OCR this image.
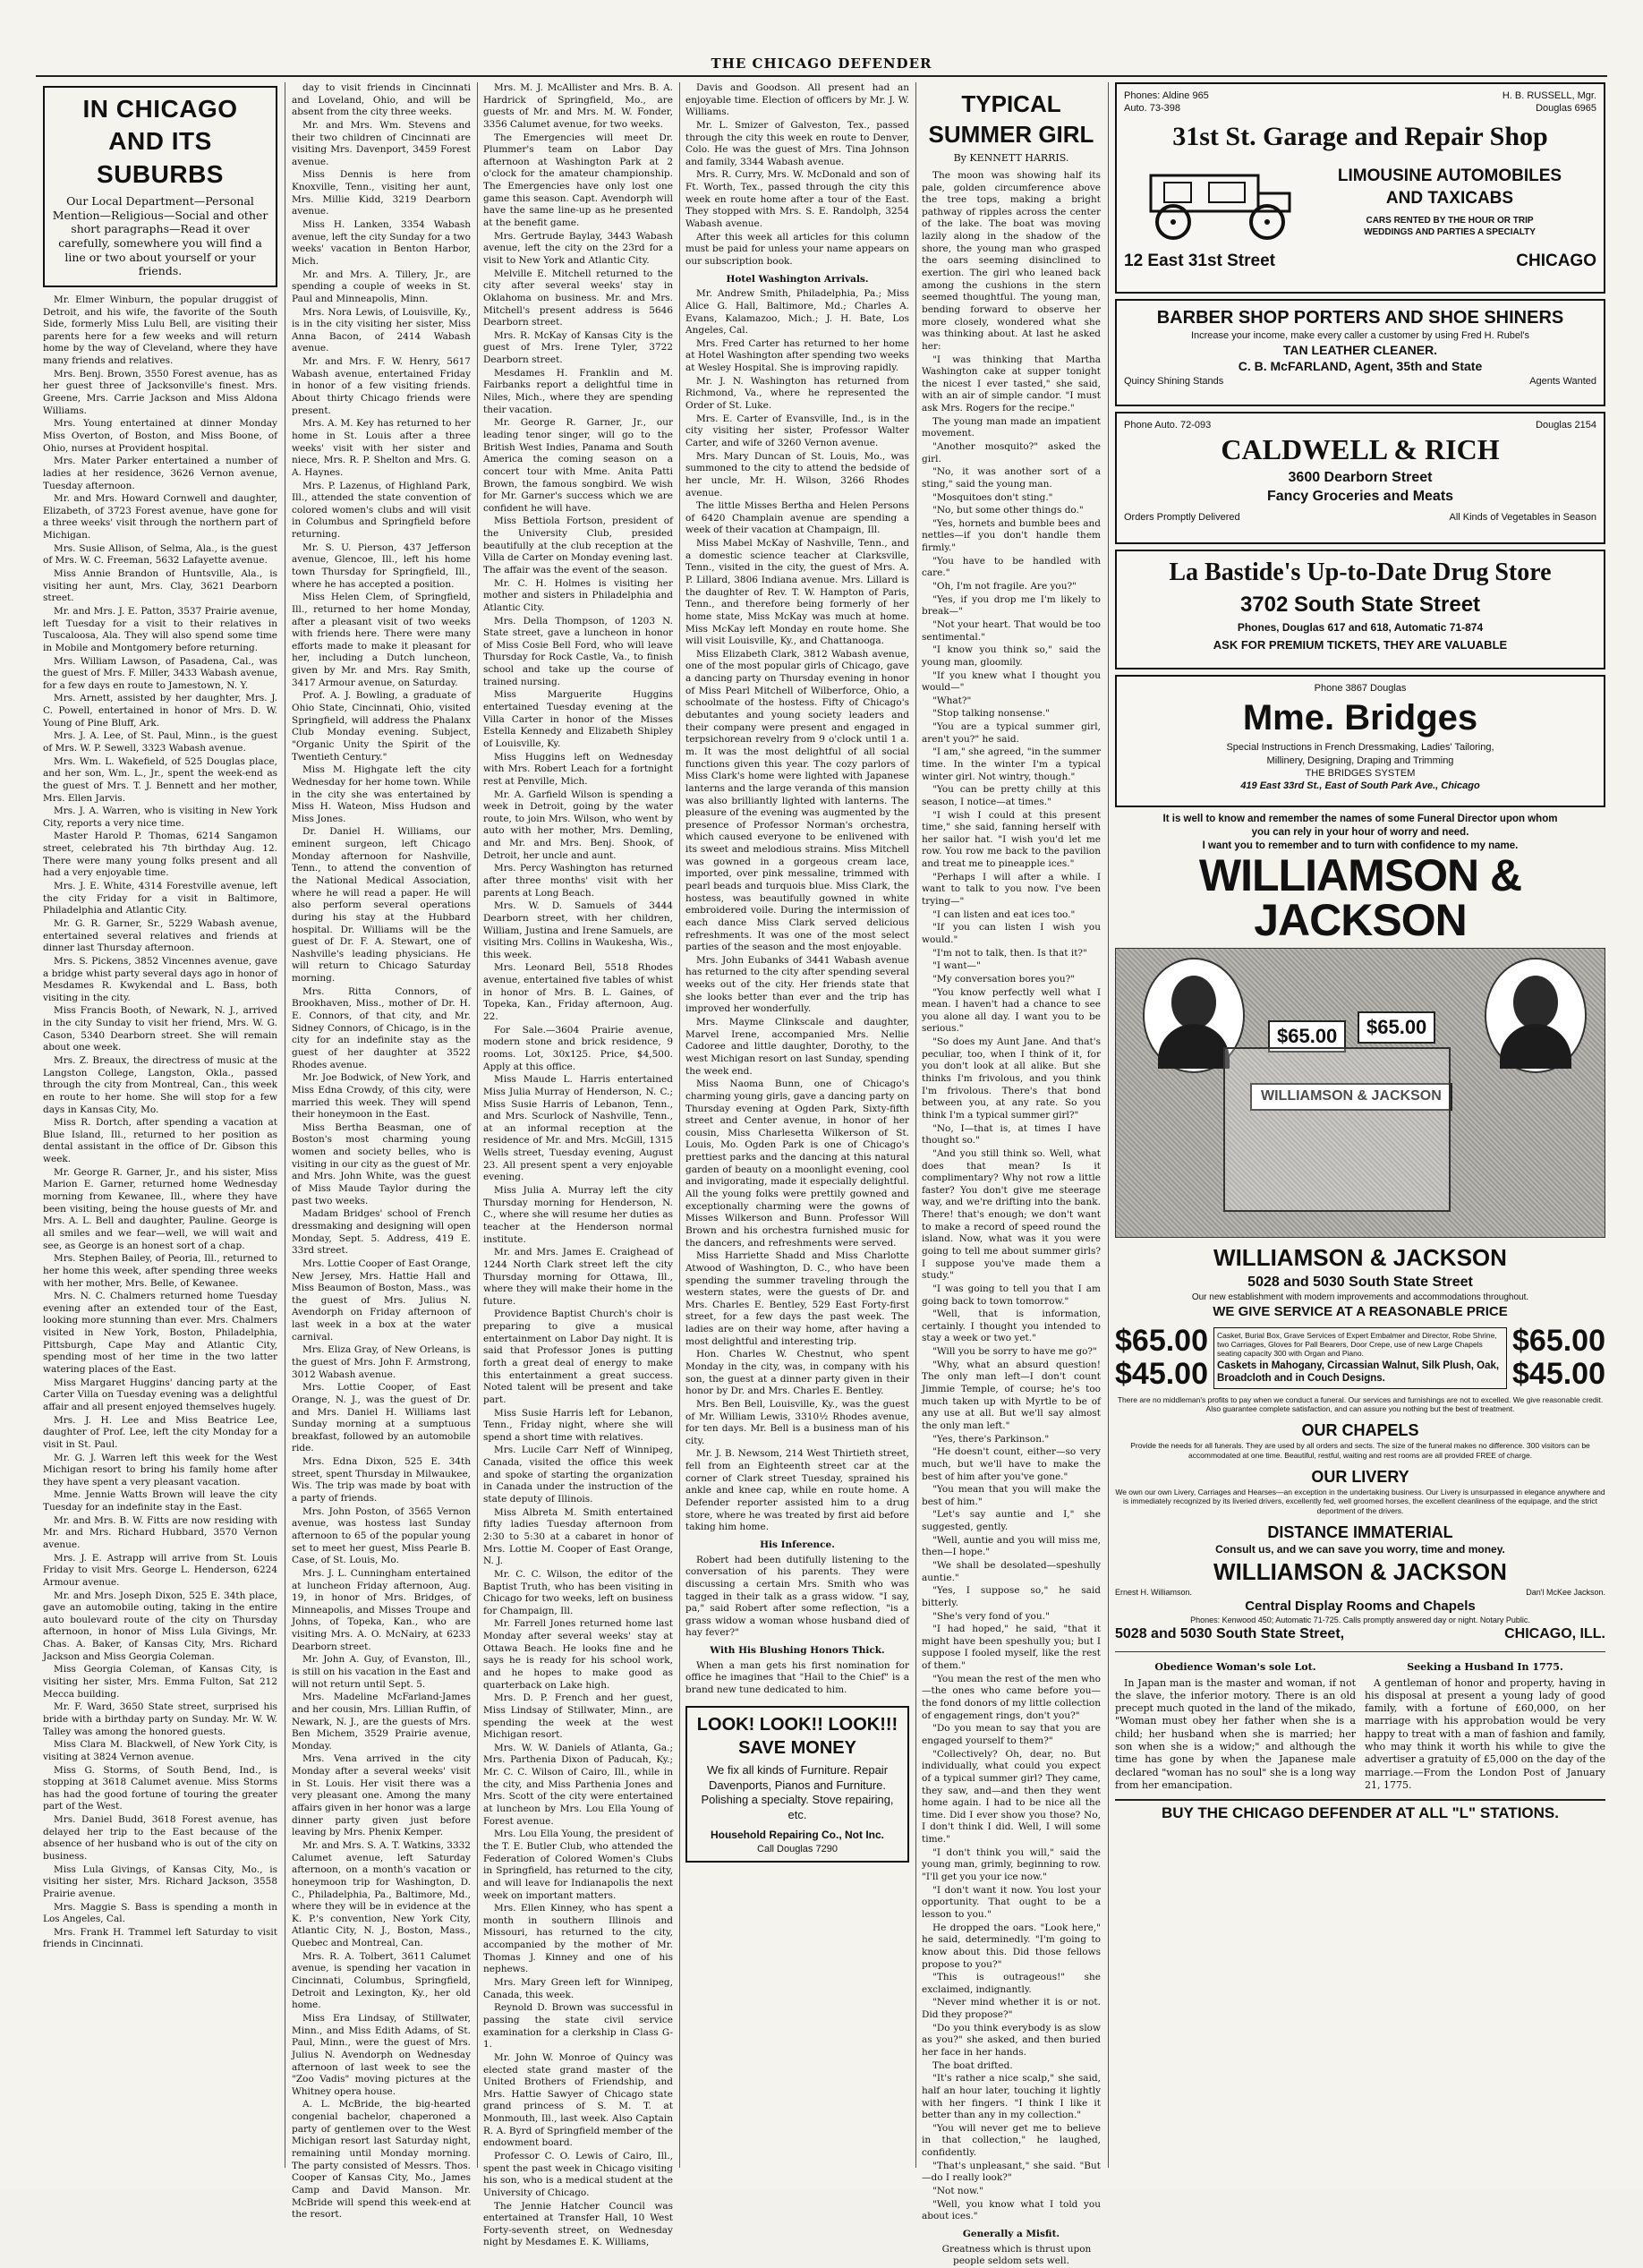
THE CHICAGO DEFENDER
IN CHICAGO AND ITS SUBURBS
Our Local Department—Personal Mention—Religious—Social and other short paragraphs—Read it over carefully, somewhere you will find a line or two about yourself or your friends.

Mr. Elmer Winburn, the popular druggist of Detroit, and his wife, the favorite of the South Side, formerly Miss Lulu Bell, are visiting their parents here for a few weeks and will return home by the way of Cleveland, where they have many friends and relatives.

Mrs. Benj. Brown, 3550 Forest avenue, has as her guest three of Jacksonville's finest. Mrs. Greene, Mrs. Carrie Jackson and Miss Aldona Williams.

Mrs. Young entertained at dinner Monday Miss Overton, of Boston, and Miss Boone, of Ohio, nurses at Provident hospital.

Mrs. Mater Parker entertained a number of ladies at her residence, 3626 Vernon avenue, Tuesday afternoon.

Mr. and Mrs. Howard Cornwell and daughter, Elizabeth, of 3723 Forest avenue, have gone for a three weeks' visit through the northern part of Michigan.

Mrs. Susie Allison, of Selma, Ala., is the guest of Mrs. W. C. Freeman, 5632 Lafayette avenue.

Miss Annie Brandon of Huntsville, Ala., is visiting her aunt, Mrs. Clay, 3621 Dearborn street.

Mr. and Mrs. J. E. Patton, 3537 Prairie avenue, left Tuesday for a visit to their relatives in Tuscaloosa, Ala. They will also spend some time in Mobile and Montgomery before returning.

Mrs. William Lawson, of Pasadena, Cal., was the guest of Mrs. F. Miller, 3433 Wabash avenue, for a few days en route to Jamestown, N. Y.

Mrs. Arnett, assisted by her daughter, Mrs. J. C. Powell, entertained in honor of Mrs. D. W. Young of Pine Bluff, Ark.

Mrs. J. A. Lee, of St. Paul, Minn., is the guest of Mrs. W. P. Sewell, 3323 Wabash avenue.

Mrs. Wm. L. Wakefield, of 525 Douglas place, and her son, Wm. L., Jr., spent the week-end as the guest of Mrs. T. J. Bennett and her mother, Mrs. Ellen Jarvis.

Mrs. J. A. Warren, who is visiting in New York City, reports a very nice time.

Master Harold P. Thomas, 6214 Sangamon street, celebrated his 7th birthday Aug. 12. There were many young folks present and all had a very enjoyable time.

Mrs. J. E. White, 4314 Forestville avenue, left the city Friday for a visit in Baltimore, Philadelphia and Atlantic City.

Mr. G. R. Garner, Sr., 5229 Wabash avenue, entertained several relatives and friends at dinner last Thursday afternoon.

Mrs. S. Pickens, 3852 Vincennes avenue, gave a bridge whist party several days ago in honor of Mesdames R. Kwykendal and L. Bass, both visiting in the city.

Miss Francis Booth, of Newark, N. J., arrived in the city Sunday to visit her friend, Mrs. W. G. Cason, 5340 Dearborn street. She will remain about one week.

Mrs. Z. Breaux, the directress of music at the Langston College, Langston, Okla., passed through the city from Montreal, Can., this week en route to her home. She will stop for a few days in Kansas City, Mo.

Miss R. Dortch, after spending a vacation at Blue Island, Ill., returned to her position as dental assistant in the office of Dr. Gibson this week.

Mr. George R. Garner, Jr., and his sister, Miss Marion E. Garner, returned home Wednesday morning from Kewanee, Ill., where they have been visiting, being the house guests of Mr. and Mrs. A. L. Bell and daughter, Pauline. George is all smiles and we fear—well, we will wait and see, as George is an honest sort of a chap.

Mrs. Stephen Bailey, of Peoria, Ill., returned to her home this week, after spending three weeks with her mother, Mrs. Belle, of Kewanee.

Mrs. N. C. Chalmers returned home Tuesday evening after an extended tour of the East, looking more stunning than ever. Mrs. Chalmers visited in New York, Boston, Philadelphia, Pittsburgh, Cape May and Atlantic City, spending most of her time in the two latter watering places of the East.

Miss Margaret Huggins' dancing party at the Carter Villa on Tuesday evening was a delightful affair and all present enjoyed themselves hugely.

Mrs. J. H. Lee and Miss Beatrice Lee, daughter of Prof. Lee, left the city Monday for a visit in St. Paul.

Mr. G. J. Warren left this week for the West Michigan resort to bring his family home after they have spent a very pleasant vacation.

Mme. Jennie Watts Brown will leave the city Tuesday for an indefinite stay in the East.

Mr. and Mrs. B. W. Fitts are now residing with Mr. and Mrs. Richard Hubbard, 3570 Vernon avenue.

Mrs. J. E. Astrapp will arrive from St. Louis Friday to visit Mrs. George L. Henderson, 6224 Armour avenue.

Mr. and Mrs. Joseph Dixon, 525 E. 34th place, gave an automobile outing, taking in the entire auto boulevard route of the city on Thursday afternoon, in honor of Miss Lula Givings, Mr. Chas. A. Baker, of Kansas City, Mrs. Richard Jackson and Miss Georgia Coleman.

Miss Georgia Coleman, of Kansas City, is visiting her sister, Mrs. Emma Fulton, Sat 212 Mecca building.

Mr. F. Ward, 3650 State street, surprised his bride with a birthday party on Sunday. Mr. W. W. Talley was among the honored guests.

Miss Clara M. Blackwell, of New York City, is visiting at 3824 Vernon avenue.

Miss G. Storms, of South Bend, Ind., is stopping at 3618 Calumet avenue. Miss Storms has had the good fortune of touring the greater part of the West.

Mrs. Daniel Budd, 3618 Forest avenue, has delayed her trip to the East because of the absence of her husband who is out of the city on business.

Miss Lula Givings, of Kansas City, Mo., is visiting her sister, Mrs. Richard Jackson, 3558 Prairie avenue.

Mrs. Maggie S. Bass is spending a month in Los Angeles, Cal.

Mrs. Frank H. Trammel left Saturday to visit friends in Cincinnati.

day to visit friends in Cincinnati and Loveland, Ohio, and will be absent from the city three weeks.

Mr. and Mrs. Wm. Stevens and their two children of Cincinnati are visiting Mrs. Davenport, 3459 Forest avenue.

Miss Dennis is here from Knoxville, Tenn., visiting her aunt, Mrs. Millie Kidd, 3219 Dearborn avenue.

Miss H. Lanken, 3354 Wabash avenue, left the city Sunday for a two weeks' vacation in Benton Harbor, Mich.

Mr. and Mrs. A. Tillery, Jr., are spending a couple of weeks in St. Paul and Minneapolis, Minn.

Mrs. Nora Lewis, of Louisville, Ky., is in the city visiting her sister, Miss Anna Bacon, of 2414 Wabash avenue.

Mr. and Mrs. F. W. Henry, 5617 Wabash avenue, entertained Friday in honor of a few visiting friends. About thirty Chicago friends were present.

Mrs. A. M. Key has returned to her home in St. Louis after a three weeks' visit with her sister and niece, Mrs. R. P. Shelton and Mrs. G. A. Haynes.

Mrs. P. Lazenus, of Highland Park, Ill., attended the state convention of colored women's clubs and will visit in Columbus and Springfield before returning.

Mr. S. U. Pierson, 437 Jefferson avenue, Glencoe, Ill., left his home town Thursday for Springfield, Ill., where he has accepted a position.

Miss Helen Clem, of Springfield, Ill., returned to her home Monday, after a pleasant visit of two weeks with friends here. There were many efforts made to make it pleasant for her, including a Dutch luncheon, given by Mr. and Mrs. Ray Smith, 3417 Armour avenue, on Saturday.

Prof. A. J. Bowling, a graduate of Ohio State, Cincinnati, Ohio, visited Springfield, will address the Phalanx Club Monday evening. Subject, "Organic Unity the Spirit of the Twentieth Century."

Miss M. Highgate left the city Wednesday for her home town. While in the city she was entertained by Miss H. Wateon, Miss Hudson and Miss Jones.

Dr. Daniel H. Williams, our eminent surgeon, left Chicago Monday afternoon for Nashville, Tenn., to attend the convention of the National Medical Association, where he will read a paper. He will also perform several operations during his stay at the Hubbard hospital. Dr. Williams will be the guest of Dr. F. A. Stewart, one of Nashville's leading physicians. He will return to Chicago Saturday morning.

Mrs. Ritta Connors, of Brookhaven, Miss., mother of Dr. H. E. Connors, of that city, and Mr. Sidney Connors, of Chicago, is in the city for an indefinite stay as the guest of her daughter at 3522 Rhodes avenue.

Mr. Joe Bodwick, of New York, and Miss Edna Crowdy, of this city, were married this week. They will spend their honeymoon in the East.

Miss Bertha Beasman, one of Boston's most charming young women and society belles, who is visiting in our city as the guest of Mr. and Mrs. John White, was the guest of Miss Maude Taylor during the past two weeks.

Madam Bridges' school of French dressmaking and designing will open Monday, Sept. 5. Address, 419 E. 33rd street.

Mrs. Lottie Cooper of East Orange, New Jersey, Mrs. Hattie Hall and Miss Beaumon of Boston, Mass., was the guest of Mrs. Julius N. Avendorph on Friday afternoon of last week in a box at the water carnival.

Mrs. Eliza Gray, of New Orleans, is the guest of Mrs. John F. Armstrong, 3012 Wabash avenue.

Mrs. Lottie Cooper, of East Orange, N. J., was the guest of Dr. and Mrs. Daniel H. Williams last Sunday morning at a sumptuous breakfast, followed by an automobile ride.

Mrs. Edna Dixon, 525 E. 34th street, spent Thursday in Milwaukee, Wis. The trip was made by boat with a party of friends.

Mrs. John Poston, of 3565 Vernon avenue, was hostess last Sunday afternoon to 65 of the popular young set to meet her guest, Miss Pearle B. Case, of St. Louis, Mo.

Mrs. J. L. Cunningham entertained at luncheon Friday afternoon, Aug. 19, in honor of Mrs. Bridges, of Minneapolis, and Misses Troupe and Johns, of Topeka, Kan., who are visiting Mrs. A. O. McNairy, at 6233 Dearborn street.

Mr. John A. Guy, of Evanston, Ill., is still on his vacation in the East and will not return until Sept. 5.

Mrs. Madeline McFarland-James and her cousin, Mrs. Lillian Ruffin, of Newark, N. J., are the guests of Mrs. Ben Michem, 3529 Prairie avenue, Monday.

Mrs. Vena arrived in the city Monday after a several weeks' visit in St. Louis. Her visit there was a very pleasant one. Among the many affairs given in her honor was a large dinner party given just before leaving by Mrs. Phenix Kemper.

Mr. and Mrs. S. A. T. Watkins, 3332 Calumet avenue, left Saturday afternoon, on a month's vacation or honeymoon trip for Washington, D. C., Philadelphia, Pa., Baltimore, Md., where they will be in evidence at the K. P.'s convention, New York City, Atlantic City, N. J., Boston, Mass., Quebec and Montreal, Can.

Mrs. R. A. Tolbert, 3611 Calumet avenue, is spending her vacation in Cincinnati, Columbus, Springfield, Detroit and Lexington, Ky., her old home.

Miss Era Lindsay, of Stillwater, Minn., and Miss Edith Adams, of St. Paul, Minn., were the guest of Mrs. Julius N. Avendorph on Wednesday afternoon of last week to see the "Zoo Vadis" moving pictures at the Whitney opera house.

A. L. McBride, the big-hearted congenial bachelor, chaperoned a party of gentlemen over to the West Michigan resort last Saturday night, remaining until Monday morning. The party consisted of Messrs. Thos. Cooper of Kansas City, Mo., James Camp and David Manson. Mr. McBride will spend this week-end at the resort.

Mrs. M. J. McAllister and Mrs. B. A. Hardrick of Springfield, Mo., are guests of Mr. and Mrs. M. W. Fonder, 3356 Calumet avenue, for two weeks.

The Emergencies will meet Dr. Plummer's team on Labor Day afternoon at Washington Park at 2 o'clock for the amateur championship. The Emergencies have only lost one game this season. Capt. Avendorph will have the same line-up as he presented at the benefit game.

Mrs. Gertrude Baylay, 3443 Wabash avenue, left the city on the 23rd for a visit to New York and Atlantic City.

Melville E. Mitchell returned to the city after several weeks' stay in Oklahoma on business. Mr. and Mrs. Mitchell's present address is 5646 Dearborn street.

Mrs. R. McKay of Kansas City is the guest of Mrs. Irene Tyler, 3722 Dearborn street.

Mesdames H. Franklin and M. Fairbanks report a delightful time in Niles, Mich., where they are spending their vacation.

Mr. George R. Garner, Jr., our leading tenor singer, will go to the British West Indies, Panama and South America the coming season on a concert tour with Mme. Anita Patti Brown, the famous songbird. We wish for Mr. Garner's success which we are confident he will have.

Miss Bettiola Fortson, president of the University Club, presided beautifully at the club reception at the Villa de Carter on Monday evening last. The affair was the event of the season.

Mr. C. H. Holmes is visiting her mother and sisters in Philadelphia and Atlantic City.

Mrs. Della Thompson, of 1203 N. State street, gave a luncheon in honor of Miss Cosie Bell Ford, who will leave Thursday for Rock Castle, Va., to finish school and take up the course of trained nursing.

Miss Marguerite Huggins entertained Tuesday evening at the Villa Carter in honor of the Misses Estella Kennedy and Elizabeth Shipley of Louisville, Ky.

Miss Huggins left on Wednesday with Mrs. Robert Leach for a fortnight rest at Penville, Mich.

Mr. A. Garfield Wilson is spending a week in Detroit, going by the water route, to join Mrs. Wilson, who went by auto with her mother, Mrs. Demling, and Mr. and Mrs. Benj. Shook, of Detroit, her uncle and aunt.

Mrs. Percy Washington has returned after three months' visit with her parents at Long Beach.

Mrs. W. D. Samuels of 3444 Dearborn street, with her children, William, Justina and Irene Samuels, are visiting Mrs. Collins in Waukesha, Wis., this week.

Mrs. Leonard Bell, 5518 Rhodes avenue, entertained five tables of whist in honor of Mrs. B. L. Gaines, of Topeka, Kan., Friday afternoon, Aug. 22.

For Sale.—3604 Prairie avenue, modern stone and brick residence, 9 rooms. Lot, 30x125. Price, $4,500. Apply at this office.

Miss Maude L. Harris entertained Miss Julia Murray of Henderson, N. C.; Miss Susie Harris of Lebanon, Tenn., and Mrs. Scurlock of Nashville, Tenn., at an informal reception at the residence of Mr. and Mrs. McGill, 1315 Wells street, Tuesday evening, August 23. All present spent a very enjoyable evening.

Miss Julia A. Murray left the city Thursday morning for Henderson, N. C., where she will resume her duties as teacher at the Henderson normal institute.

Mr. and Mrs. James E. Craighead of 1244 North Clark street left the city Thursday morning for Ottawa, Ill., where they will make their home in the future.

Providence Baptist Church's choir is preparing to give a musical entertainment on Labor Day night. It is said that Professor Jones is putting forth a great deal of energy to make this entertainment a great success. Noted talent will be present and take part.

Miss Susie Harris left for Lebanon, Tenn., Friday night, where she will spend a short time with relatives.

Mrs. Lucile Carr Neff of Winnipeg, Canada, visited the office this week and spoke of starting the organization in Canada under the instruction of the state deputy of Illinois.

Miss Albreta M. Smith entertained fifty ladies Tuesday afternoon from 2:30 to 5:30 at a cabaret in honor of Mrs. Lottie M. Cooper of East Orange, N. J.

Mr. C. C. Wilson, the editor of the Baptist Truth, who has been visiting in Chicago for two weeks, left on business for Champaign, Ill.

Mr. Farrell Jones returned home last Monday after several weeks' stay at Ottawa Beach. He looks fine and he says he is ready for his school work, and he hopes to make good as quarterback on Lake high.

Mrs. D. P. French and her guest, Miss Lindsay of Stillwater, Minn., are spending the week at the west Michigan resort.

Mrs. W. W. Daniels of Atlanta, Ga.; Mrs. Parthenia Dixon of Paducah, Ky.; Mr. C. C. Wilson of Cairo, Ill., while in the city, and Miss Parthenia Jones and Mrs. Scott of the city were entertained at luncheon by Mrs. Lou Ella Young of Forest avenue.

Mrs. Lou Ella Young, the president of the T. E. Butler Club, who attended the Federation of Colored Women's Clubs in Springfield, has returned to the city, and will leave for Indianapolis the next week on important matters.

Mrs. Ellen Kinney, who has spent a month in southern Illinois and Missouri, has returned to the city, accompanied by the mother of Mr. Thomas J. Kinney and one of his nephews.

Mrs. Mary Green left for Winnipeg, Canada, this week.

Reynold D. Brown was successful in passing the state civil service examination for a clerkship in Class G-1.

Mr. John W. Monroe of Quincy was elected state grand master of the United Brothers of Friendship, and Mrs. Hattie Sawyer of Chicago state grand princess of S. M. T. at Monmouth, Ill., last week. Also Captain R. A. Byrd of Springfield member of the endowment board.

Professor C. O. Lewis of Cairo, Ill., spent the past week in Chicago visiting his son, who is a medical student at the University of Chicago.

The Jennie Hatcher Council was entertained at Transfer Hall, 10 West Forty-seventh street, on Wednesday night by Mesdames E. K. Williams,

Davis and Goodson. All present had an enjoyable time. Election of officers by Mr. J. W. Williams.

Mr. L. Smizer of Galveston, Tex., passed through the city this week en route to Denver, Colo. He was the guest of Mrs. Tina Johnson and family, 3344 Wabash avenue.

Mrs. R. Curry, Mrs. W. McDonald and son of Ft. Worth, Tex., passed through the city this week en route home after a tour of the East. They stopped with Mrs. S. E. Randolph, 3254 Wabash avenue.

After this week all articles for this column must be paid for unless your name appears on our subscription book.

Hotel Washington Arrivals.

Mr. Andrew Smith, Philadelphia, Pa.; Miss Alice G. Hall, Baltimore, Md.; Charles A. Evans, Kalamazoo, Mich.; J. H. Bate, Los Angeles, Cal.

Mrs. Fred Carter has returned to her home at Hotel Washington after spending two weeks at Wesley Hospital. She is improving rapidly.

Mr. J. N. Washington has returned from Richmond, Va., where he represented the Order of St. Luke.

Mrs. E. Carter of Evansville, Ind., is in the city visiting her sister, Professor Walter Carter, and wife of 3260 Vernon avenue.

Mrs. Mary Duncan of St. Louis, Mo., was summoned to the city to attend the bedside of her uncle, Mr. H. Wilson, 3266 Rhodes avenue.

The little Misses Bertha and Helen Persons of 6420 Champlain avenue are spending a week of their vacation at Champaign, Ill.

Miss Mabel McKay of Nashville, Tenn., and a domestic science teacher at Clarksville, Tenn., visited in the city, the guest of Mrs. A. P. Lillard, 3806 Indiana avenue. Mrs. Lillard is the daughter of Rev. T. W. Hampton of Paris, Tenn., and therefore being formerly of her home state, Miss McKay was much at home. Miss McKay left Monday en route home. She will visit Louisville, Ky., and Chattanooga.

Miss Elizabeth Clark, 3812 Wabash avenue, one of the most popular girls of Chicago, gave a dancing party on Thursday evening in honor of Miss Pearl Mitchell of Wilberforce, Ohio, a schoolmate of the hostess. Fifty of Chicago's debutantes and young society leaders and their company were present and engaged in terpsichorean revelry from 9 o'clock until 1 a. m. It was the most delightful of all social functions given this year. The cozy parlors of Miss Clark's home were lighted with Japanese lanterns and the large veranda of this mansion was also brilliantly lighted with lanterns. The pleasure of the evening was augmented by the presence of Professor Norman's orchestra, which caused everyone to be enlivened with its sweet and melodious strains. Miss Mitchell was gowned in a gorgeous cream lace, imported, over pink messaline, trimmed with pearl beads and turquois blue. Miss Clark, the hostess, was beautifully gowned in white embroidered voile. During the intermission of each dance Miss Clark served delicious refreshments. It was one of the most select parties of the season and the most enjoyable.

Mrs. John Eubanks of 3441 Wabash avenue has returned to the city after spending several weeks out of the city. Her friends state that she looks better than ever and the trip has improved her wonderfully.

Mrs. Mayme Clinkscale and daughter, Marvel Irene, accompanied Mrs. Nellie Cadoree and little daughter, Dorothy, to the west Michigan resort on last Sunday, spending the week end.

Miss Naoma Bunn, one of Chicago's charming young girls, gave a dancing party on Thursday evening at Ogden Park, Sixty-fifth street and Center avenue, in honor of her cousin, Miss Charlesetta Wilkerson of St. Louis, Mo. Ogden Park is one of Chicago's prettiest parks and the dancing at this natural garden of beauty on a moonlight evening, cool and invigorating, made it especially delightful. All the young folks were prettily gowned and exceptionally charming were the gowns of Misses Wilkerson and Bunn. Professor Will Brown and his orchestra furnished music for the dancers, and refreshments were served.

Miss Harriette Shadd and Miss Charlotte Atwood of Washington, D. C., who have been spending the summer traveling through the western states, were the guests of Dr. and Mrs. Charles E. Bentley, 529 East Forty-first street, for a few days the past week. The ladies are on their way home, after having a most delightful and interesting trip.

Hon. Charles W. Chestnut, who spent Monday in the city, was, in company with his son, the guest at a dinner party given in their honor by Dr. and Mrs. Charles E. Bentley.

Mrs. Ben Bell, Louisville, Ky., was the guest of Mr. William Lewis, 3310½ Rhodes avenue, for ten days. Mr. Bell is a business man of his city.

Mr. J. B. Newsom, 214 West Thirtieth street, fell from an Eighteenth street car at the corner of Clark street Tuesday, sprained his ankle and knee cap, while en route home. A Defender reporter assisted him to a drug store, where he was treated by first aid before taking him home.

His Inference.

Robert had been dutifully listening to the conversation of his parents. They were discussing a certain Mrs. Smith who was tagged in their talk as a grass widow. "I say, pa," said Robert after some reflection, "is a grass widow a woman whose husband died of hay fever?"

With His Blushing Honors Thick.

When a man gets his first nomination for office he imagines that "Hail to the Chief" is a brand new tune dedicated to him.

LOOK! LOOK!! LOOK!!!
SAVE MONEY
We fix all kinds of Furniture. Repair Davenports, Pianos and Furniture. Polishing a specialty. Stove repairing, etc.
Household Repairing Co., Not Inc.
Call Douglas 7290
TYPICAL SUMMER GIRL
By KENNETT HARRIS.

The moon was showing half its pale, golden circumference above the tree tops, making a bright pathway of ripples across the center of the lake. The boat was moving lazily along in the shadow of the shore, the young man who grasped the oars seeming disinclined to exertion. The girl who leaned back among the cushions in the stern seemed thoughtful. The young man, bending forward to observe her more closely, wondered what she was thinking about. At last he asked her:

"I was thinking that Martha Washington cake at supper tonight the nicest I ever tasted," she said, with an air of simple candor. "I must ask Mrs. Rogers for the recipe."

The young man made an impatient movement.

"Another mosquito?" asked the girl.

"No, it was another sort of a sting," said the young man.

"Mosquitoes don't sting."

"No, but some other things do."

"Yes, hornets and bumble bees and nettles—if you don't handle them firmly."

"You have to be handled with care."

"Oh, I'm not fragile. Are you?"

"Yes, if you drop me I'm likely to break—"

"Not your heart. That would be too sentimental."

"I know you think so," said the young man, gloomily.

"If you knew what I thought you would—"

"What?"

"Stop talking nonsense."

"You are a typical summer girl, aren't you?" he said.

"I am," she agreed, "in the summer time. In the winter I'm a typical winter girl. Not wintry, though."

"You can be pretty chilly at this season, I notice—at times."

"I wish I could at this present time," she said, fanning herself with her sailor hat. "I wish you'd let me row. You row me back to the pavilion and treat me to pineapple ices."

"Perhaps I will after a while. I want to talk to you now. I've been trying—"

"I can listen and eat ices too."

"If you can listen I wish you would."

"I'm not to talk, then. Is that it?"

"I want—"

"My conversation bores you?"

"You know perfectly well what I mean. I haven't had a chance to see you alone all day. I want you to be serious."

"So does my Aunt Jane. And that's peculiar, too, when I think of it, for you don't look at all alike. But she thinks I'm frivolous, and you think I'm frivolous. There's that bond between you, at any rate. So you think I'm a typical summer girl?"

"No, I—that is, at times I have thought so."

"And you still think so. Well, what does that mean? Is it complimentary? Why not row a little faster? You don't give me steerage way, and we're drifting into the bank. There! that's enough; we don't want to make a record of speed round the island. Now, what was it you were going to tell me about summer girls? I suppose you've made them a study."

"I was going to tell you that I am going back to town tomorrow."

"Well, that is information, certainly. I thought you intended to stay a week or two yet."

"Will you be sorry to have me go?"

"Why, what an absurd question! The only man left—I don't count Jimmie Temple, of course; he's too much taken up with Myrtle to be of any use at all. But we'll say almost the only man left."

"Yes, there's Parkinson."

"He doesn't count, either—so very much, but we'll have to make the best of him after you've gone."

"You mean that you will make the best of him."

"Let's say auntie and I," she suggested, gently.

"Well, auntie and you will miss me, then—I hope."

"We shall be desolated—speshully auntie."

"Yes, I suppose so," he said bitterly.

"She's very fond of you."

"I had hoped," he said, "that it might have been speshully you; but I suppose I fooled myself, like the rest of them."

"You mean the rest of the men who—the ones who came before you—the fond donors of my little collection of engagement rings, don't you?"

"Do you mean to say that you are engaged yourself to them?"

"Collectively? Oh, dear, no. But individually, what could you expect of a typical summer girl? They came, they saw, and—and then they went home again. I had to be nice all the time. Did I ever show you those? No, I don't think I did. Well, I will some time."

"I don't think you will," said the young man, grimly, beginning to row. "I'll get you your ice now."

"I don't want it now. You lost your opportunity. That ought to be a lesson to you."

He dropped the oars. "Look here," he said, determinedly. "I'm going to know about this. Did those fellows propose to you?"

"This is outrageous!" she exclaimed, indignantly.

"Never mind whether it is or not. Did they propose?"

"Do you think everybody is as slow as you?" she asked, and then buried her face in her hands.

The boat drifted.

"It's rather a nice scalp," she said, half an hour later, touching it lightly with her fingers. "I think I like it better than any in my collection."

"You will never get me to believe in that collection," he laughed, confidently.

"That's unpleasant," she said. "But—do I really look?"

"Not now."

"Well, you know what I told you about ices."

Generally a Misfit.

Greatness which is thrust upon people seldom sets well.

Phones: Aldine 965
Auto. 73-398
H. B. RUSSELL, Mgr.
Douglas 6965
31st St. Garage and Repair Shop
LIMOUSINE AUTOMOBILES
AND TAXICABS
CARS RENTED BY THE HOUR OR TRIP
WEDDINGS AND PARTIES A SPECIALTY
12 East 31st Street	CHICAGO
BARBER SHOP PORTERS AND SHOE SHINERS
Increase your income, make every caller a customer by using Fred H. Rubel's
TAN LEATHER CLEANER.
C. B. McFARLAND, Agent, 35th and State
Quincy Shining Stands	Agents Wanted
Phone Auto. 72-093	Douglas 2154
CALDWELL & RICH
3600 Dearborn Street
Fancy Groceries and Meats
Orders Promptly Delivered	All Kinds of Vegetables in Season
La Bastide's Up-to-Date Drug Store
3702 South State Street
Phones, Douglas 617 and 618, Automatic 71-874
ASK FOR PREMIUM TICKETS, THEY ARE VALUABLE
Phone 3867 Douglas
Mme. Bridges
Special Instructions in French Dressmaking, Ladies' Tailoring,
Millinery, Designing, Draping and Trimming
THE BRIDGES SYSTEM
419 East 33rd St., East of South Park Ave., Chicago
It is well to know and remember the names of some Funeral Director upon whom
you can rely in your hour of worry and need.
I want you to remember and to turn with confidence to my name.
WILLIAMSON & JACKSON
$65.00	$65.00
WILLIAMSON & JACKSON
WILLIAMSON & JACKSON
5028 and 5030 South State Street
Our new establishment with modern improvements and accommodations throughout.
WE GIVE SERVICE AT A REASONABLE PRICE
$65.00
$45.00
Casket, Burial Box, Grave Services of Expert Embalmer and Director, Robe Shrine, two Carriages, Gloves for Pall Bearers, Door Crepe, use of new Large Chapels seating capacity 300 with Organ and Piano.
Caskets in Mahogany, Circassian Walnut, Silk Plush, Oak, Broadcloth and in Couch Designs.
$65.00
$45.00
There are no middleman's profits to pay when we conduct a funeral. Our services and furnishings are not to excelled. We give reasonable credit. Also guarantee complete satisfaction, and can assure you nothing but the best of treatment.
OUR CHAPELS
Provide the needs for all funerals. They are used by all orders and sects. The size of the funeral makes no difference. 300 visitors can be accommodated at one time. Beautiful, restful, waiting and rest rooms are all provided FREE of charge.
OUR LIVERY
We own our own Livery, Carriages and Hearses—an exception in the undertaking business. Our Livery is unsurpassed in elegance anywhere and is immediately recognized by its liveried drivers, excellently fed, well groomed horses, the excellent cleanliness of the equipage, and the strict deportment of the drivers.
DISTANCE IMMATERIAL
Consult us, and we can save you worry, time and money.
WILLIAMSON & JACKSON
Ernest H. Williamson.	Dan'l McKee Jackson.
Central Display Rooms and Chapels
Phones: Kenwood 450; Automatic 71-725. Calls promptly answered day or night. Notary Public.
5028 and 5030 South State Street,	CHICAGO, ILL.
Obedience Woman's sole Lot.

In Japan man is the master and woman, if not the slave, the inferior motory. There is an old precept much quoted in the land of the mikado, "Woman must obey her father when she is a child; her husband when she is married; her son when she is a widow;" and although the time has gone by when the Japanese male declared "woman has no soul" she is a long way from her emancipation.

Seeking a Husband In 1775.

A gentleman of honor and property, having in his disposal at present a young lady of good family, with a fortune of £60,000, on her marriage with his approbation would be very happy to treat with a man of fashion and family, who may think it worth his while to give the advertiser a gratuity of £5,000 on the day of the marriage.—From the London Post of January 21, 1775.

BUY THE CHICAGO DEFENDER AT ALL "L" STATIONS.
